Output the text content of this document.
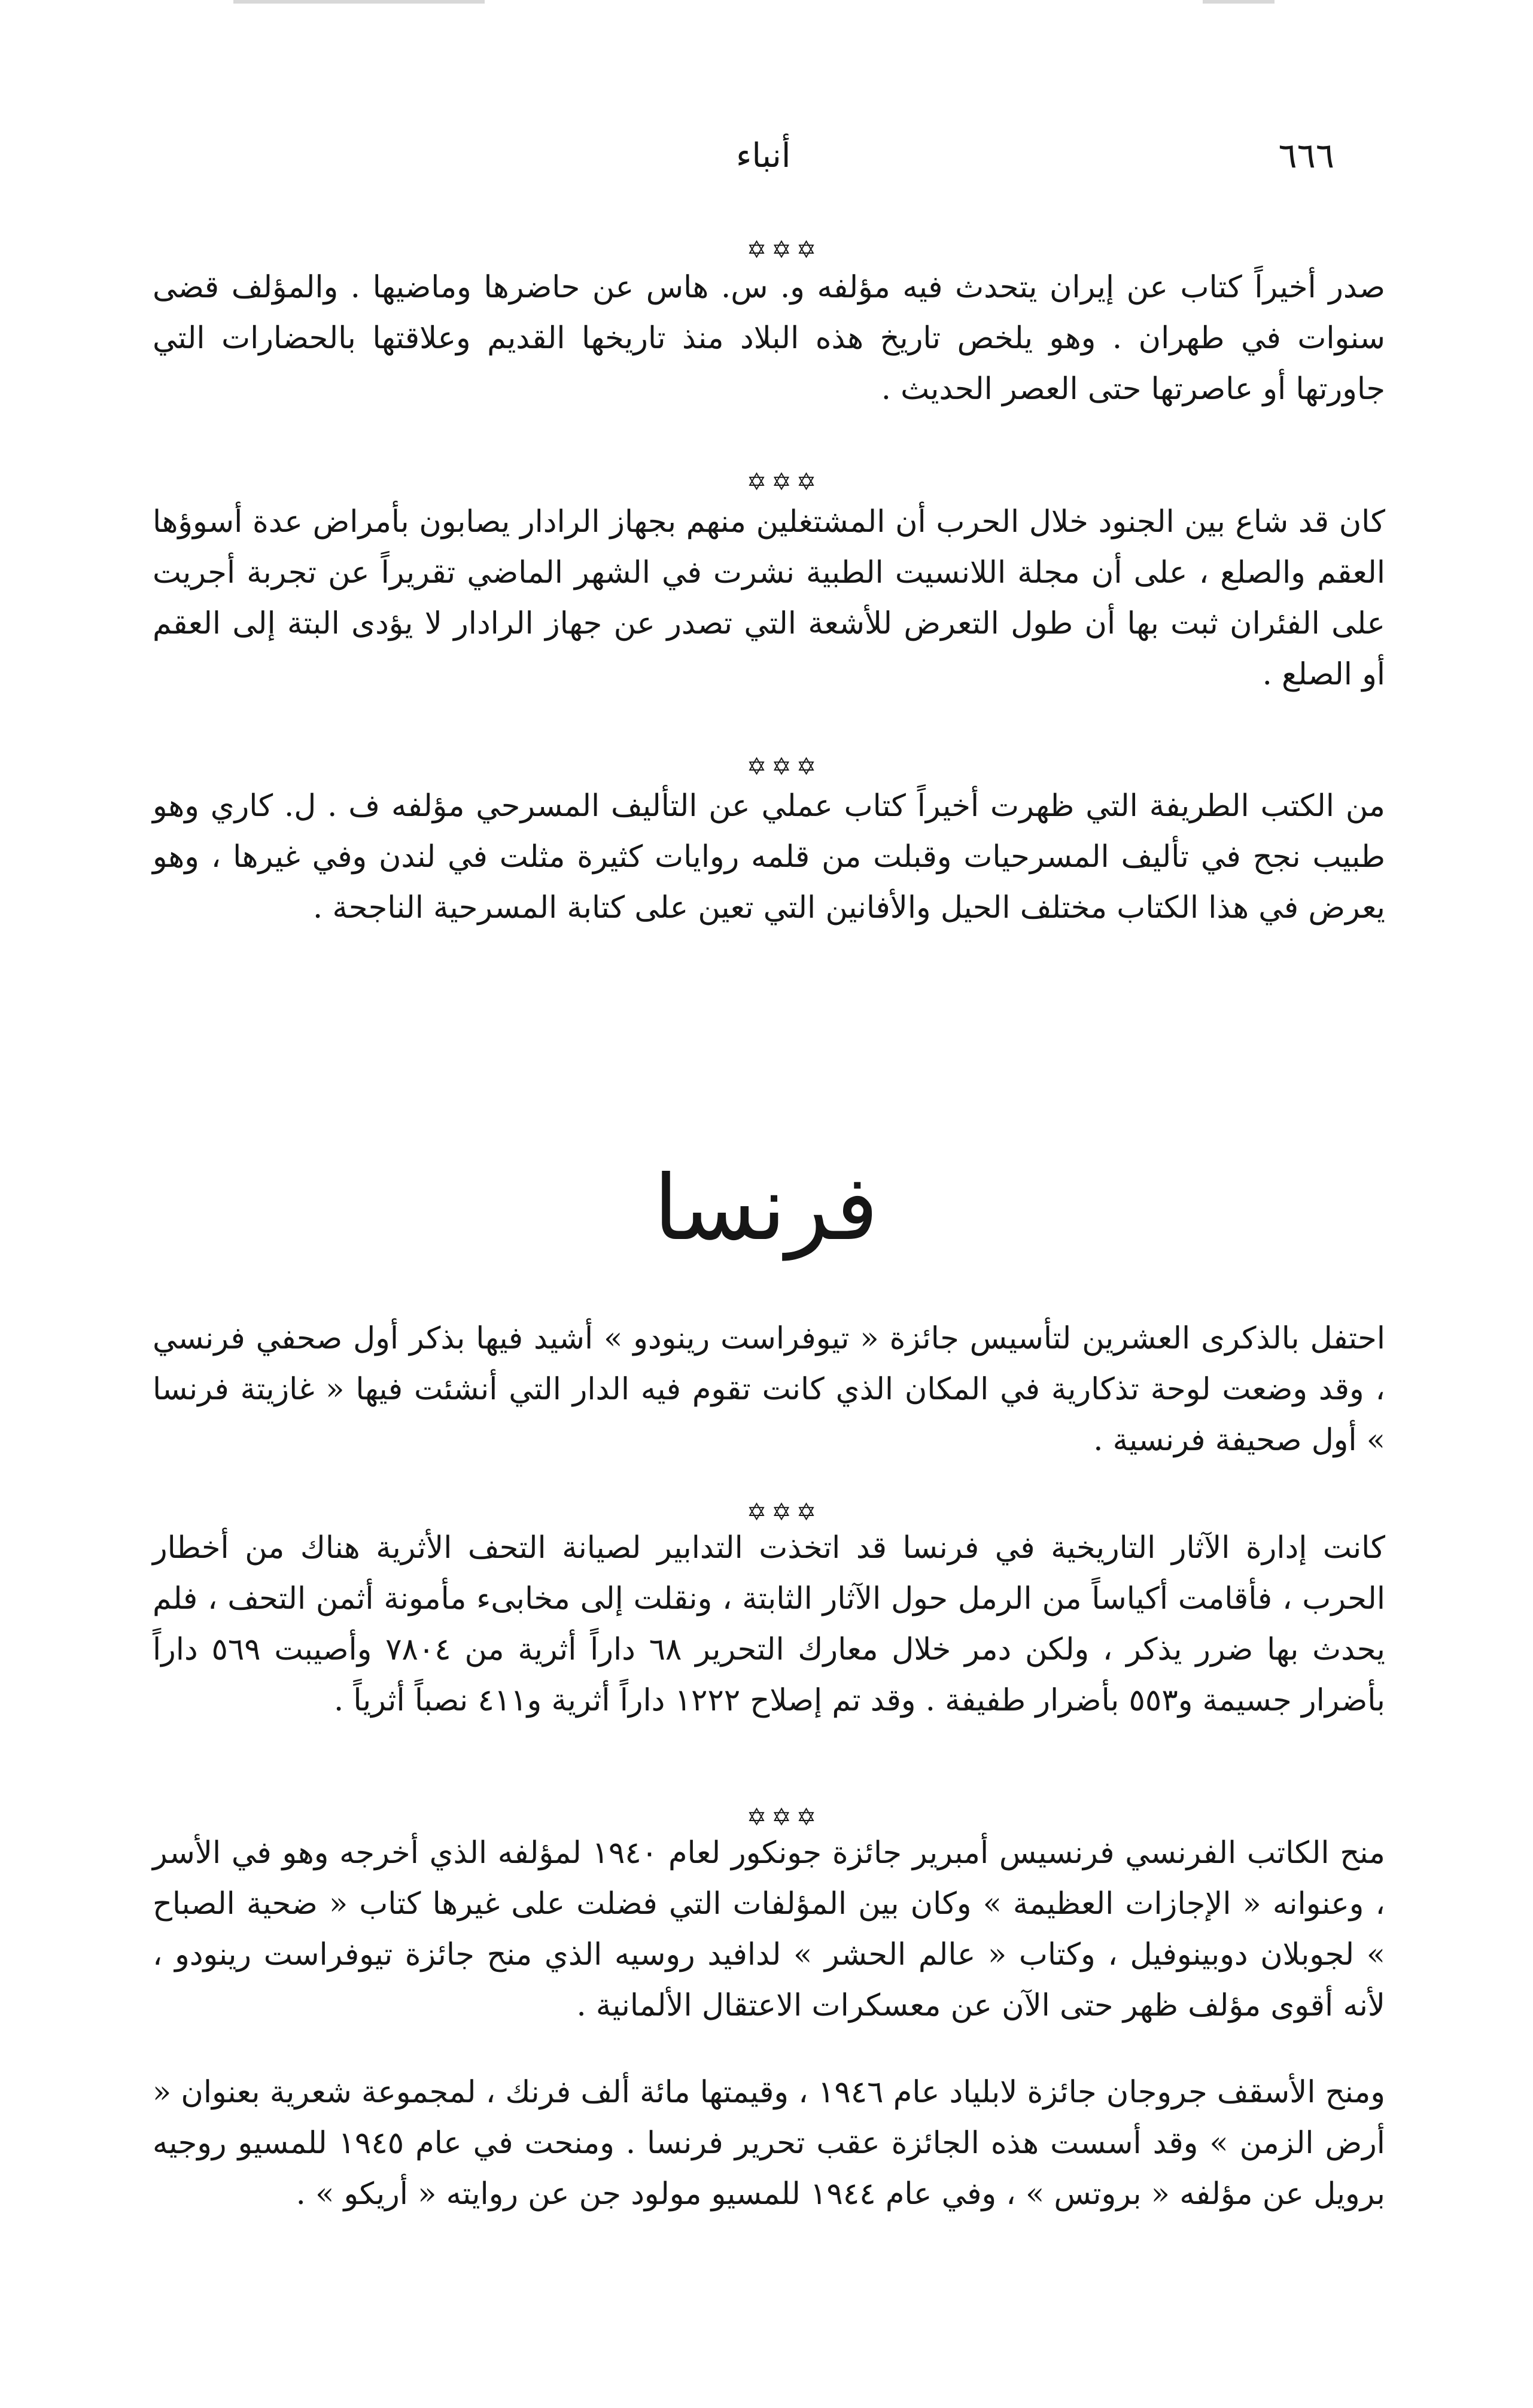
٦٦٦
أنباء
✡✡✡

صدر أخيراً كتاب عن إيران يتحدث فيه مؤلفه و. س. هاس عن حاضرها وماضيها . والمؤلف قضى سنوات في طهران . وهو يلخص تاريخ هذه البلاد منذ تاريخها القديم وعلاقتها بالحضارات التي جاورتها أو عاصرتها حتى العصر الحديث .

✡✡✡

كان قد شاع بين الجنود خلال الحرب أن المشتغلين منهم بجهاز الرادار يصابون بأمراض عدة أسوؤها العقم والصلع ، على أن مجلة اللانسيت الطبية نشرت في الشهر الماضي تقريراً عن تجربة أجريت على الفئران ثبت بها أن طول التعرض للأشعة التي تصدر عن جهاز الرادار لا يؤدى البتة إلى العقم أو الصلع .

✡✡✡

من الكتب الطريفة التي ظهرت أخيراً كتاب عملي عن التأليف المسرحي مؤلفه ف . ل. كاري وهو طبيب نجح في تأليف المسرحيات وقبلت من قلمه روايات كثيرة مثلت في لندن وفي غيرها ، وهو يعرض في هذا الكتاب مختلف الحيل والأفانين التي تعين على كتابة المسرحية الناجحة .

فرنسا

احتفل بالذكرى العشرين لتأسيس جائزة « تيوفراست رينودو » أشيد فيها بذكر أول صحفي فرنسي ، وقد وضعت لوحة تذكارية في المكان الذي كانت تقوم فيه الدار التي أنشئت فيها « غازيتة فرنسا » أول صحيفة فرنسية .

✡✡✡

كانت إدارة الآثار التاريخية في فرنسا قد اتخذت التدابير لصيانة التحف الأثرية هناك من أخطار الحرب ، فأقامت أكياساً من الرمل حول الآثار الثابتة ، ونقلت إلى مخابىء مأمونة أثمن التحف ، فلم يحدث بها ضرر يذكر ، ولكن دمر خلال معارك التحرير ٦٨ داراً أثرية من ٧٨٠٤ وأصيبت ٥٦٩ داراً بأضرار جسيمة و٥٥٣ بأضرار طفيفة . وقد تم إصلاح ١٢٢٢ داراً أثرية و٤١١ نصباً أثرياً .

✡✡✡

منح الكاتب الفرنسي فرنسيس أمبرير جائزة جونكور لعام ١٩٤٠ لمؤلفه الذي أخرجه وهو في الأسر ، وعنوانه « الإجازات العظيمة » وكان بين المؤلفات التي فضلت على غيرها كتاب « ضحية الصباح » لجوبلان دوبينوفيل ، وكتاب « عالم الحشر » لدافيد روسيه الذي منح جائزة تيوفراست رينودو ، لأنه أقوى مؤلف ظهر حتى الآن عن معسكرات الاعتقال الألمانية .

ومنح الأسقف جروجان جائزة لابلياد عام ١٩٤٦ ، وقيمتها مائة ألف فرنك ، لمجموعة شعرية بعنوان « أرض الزمن » وقد أسست هذه الجائزة عقب تحرير فرنسا . ومنحت في عام ١٩٤٥ للمسيو روجيه برويل عن مؤلفه « بروتس » ، وفي عام ١٩٤٤ للمسيو مولود جن عن روايته « أريكو » .
